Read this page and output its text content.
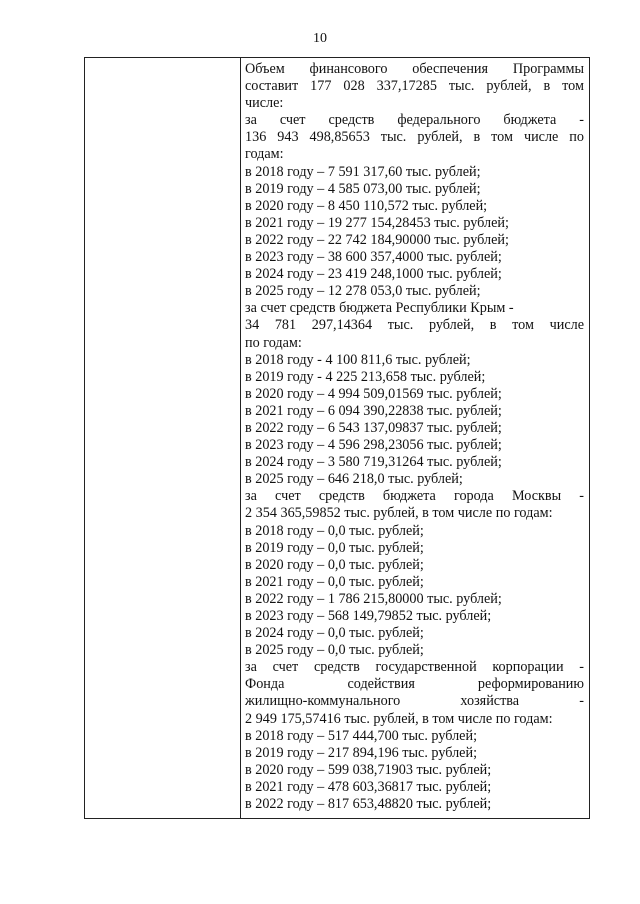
10

Объем финансового обеспечения Программы

составит 177 028 337,17285 тыс. рублей, в том

числе:

за счет средств федерального бюджета -

136 943 498,85653 тыс. рублей, в том числе по

годам:

в 2018 году – 7 591 317,60 тыс. рублей;

в 2019 году – 4 585 073,00 тыс. рублей;

в 2020 году – 8 450 110,572 тыс. рублей;

в 2021 году – 19 277 154,28453 тыс. рублей;

в 2022 году – 22 742 184,90000 тыс. рублей;

в 2023 году – 38 600 357,4000 тыс. рублей;

в 2024 году – 23 419 248,1000 тыс. рублей;

в 2025 году – 12 278 053,0 тыс. рублей;

за счет средств бюджета Республики Крым -

34 781 297,14364 тыс. рублей, в том числе

по годам:

в 2018 году - 4 100 811,6 тыс. рублей;

в 2019 году - 4 225 213,658 тыс. рублей;

в 2020 году – 4 994 509,01569 тыс. рублей;

в 2021 году – 6 094 390,22838 тыс. рублей;

в 2022 году – 6 543 137,09837 тыс. рублей;

в 2023 году – 4 596 298,23056 тыс. рублей;

в 2024 году – 3 580 719,31264 тыс. рублей;

в 2025 году – 646 218,0 тыс. рублей;

за счет средств бюджета города Москвы -

2 354 365,59852 тыс. рублей, в том числе по годам:

в 2018 году – 0,0 тыс. рублей;

в 2019 году – 0,0 тыс. рублей;

в 2020 году – 0,0 тыс. рублей;

в 2021 году – 0,0 тыс. рублей;

в 2022 году – 1 786 215,80000 тыс. рублей;

в 2023 году – 568 149,79852 тыс. рублей;

в 2024 году – 0,0 тыс. рублей;

в 2025 году – 0,0 тыс. рублей;

за счет средств государственной корпорации -

Фонда содействия реформированию

жилищно-коммунального хозяйства -

2 949 175,57416 тыс. рублей, в том числе по годам:

в 2018 году – 517 444,700 тыс. рублей;

в 2019 году – 217 894,196 тыс. рублей;

в 2020 году – 599 038,71903 тыс. рублей;

в 2021 году – 478 603,36817 тыс. рублей;

в 2022 году – 817 653,48820 тыс. рублей;
